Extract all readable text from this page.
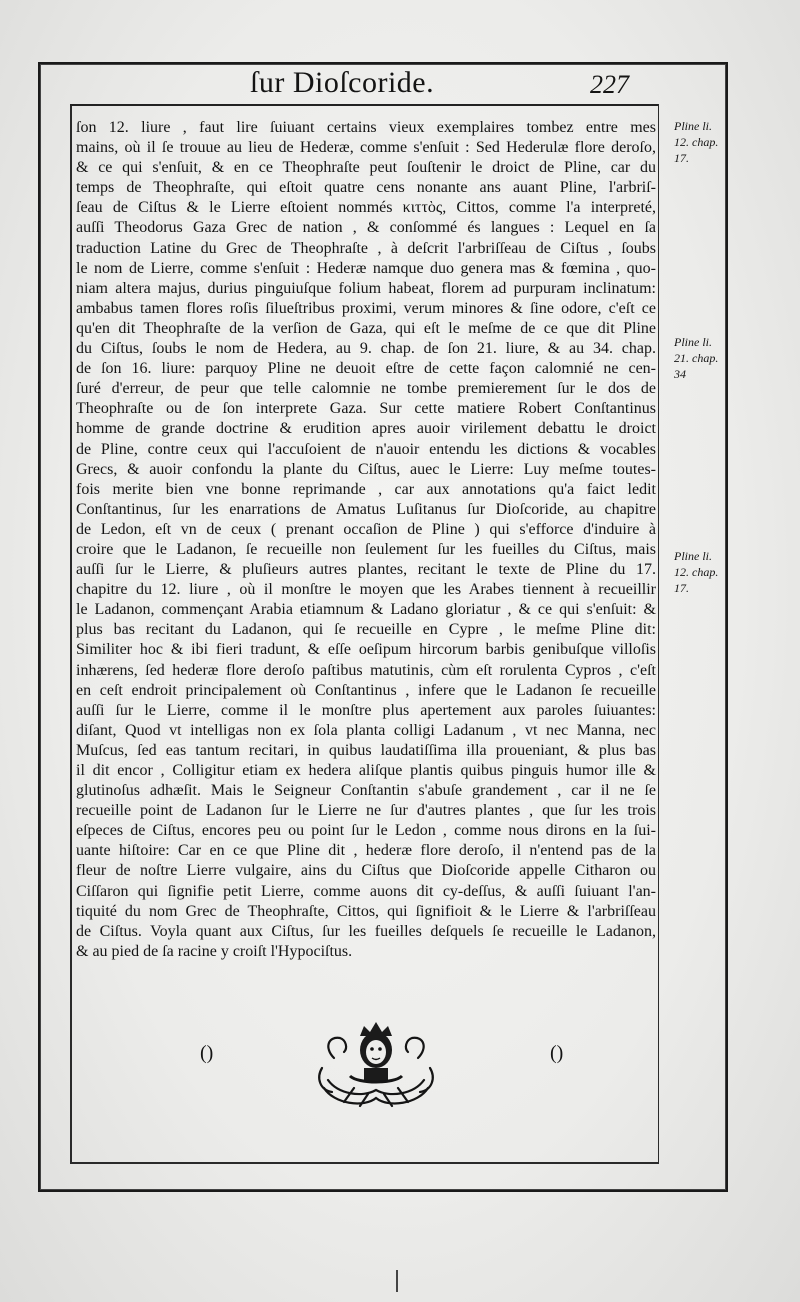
ſur Dioſcoride.	227
ſon 12. liure , faut lire ſuiuant certains vieux exemplaires tombez entre mes
mains, où il ſe trouue au lieu de Hederæ, comme s'enſuit : Sed Hederulæ flore deroſo,
& ce qui s'enſuit, & en ce Theophraſte peut ſouſtenir le droict de Pline, car du
temps de Theophraſte, qui eſtoit quatre cens nonante ans auant Pline, l'arbriſ-
ſeau de Ciſtus & le Lierre eſtoient nommés κιττὸς, Cittos, comme l'a interpreté,
auſſi Theodorus Gaza Grec de nation , & conſommé és langues : Lequel en ſa
traduction Latine du Grec de Theophraſte , à deſcrit l'arbriſſeau de Ciſtus , ſoubs
le nom de Lierre, comme s'enſuit : Hederæ namque duo genera mas & fœmina , quo-
niam altera majus, durius pinguiuſque folium habeat, florem ad purpuram inclinatum:
ambabus tamen flores roſis ſilueſtribus proximi, verum minores & ſine odore, c'eſt ce
qu'en dit Theophraſte de la verſion de Gaza, qui eſt le meſme de ce que dit Pline
du Ciſtus, ſoubs le nom de Hedera, au 9. chap. de ſon 21. liure, & au 34. chap.
de ſon 16. liure: parquoy Pline ne deuoit eſtre de cette façon calomnié ne cen-
ſuré d'erreur, de peur que telle calomnie ne tombe premierement ſur le dos de
Theophraſte ou de ſon interprete Gaza. Sur cette matiere Robert Conſtantinus
homme de grande doctrine & erudition apres auoir virilement debattu le droict
de Pline, contre ceux qui l'accuſoient de n'auoir entendu les dictions & vocables
Grecs, & auoir confondu la plante du Ciſtus, auec le Lierre: Luy meſme toutes-
fois merite bien vne bonne reprimande , car aux annotations qu'a faict ledit
Conſtantinus, ſur les enarrations de Amatus Luſitanus ſur Dioſcoride, au chapitre
de Ledon, eſt vn de ceux ( prenant occaſion de Pline ) qui s'efforce d'induire à
croire que le Ladanon, ſe recueille non ſeulement ſur les fueilles du Ciſtus, mais
auſſi ſur le Lierre, & pluſieurs autres plantes, recitant le texte de Pline du 17.
chapitre du 12. liure , où il monſtre le moyen que les Arabes tiennent à recueillir
le Ladanon, commençant Arabia etiamnum & Ladano gloriatur , & ce qui s'enſuit: &
plus bas recitant du Ladanon, qui ſe recueille en Cypre , le meſme Pline dit:
Similiter hoc & ibi fieri tradunt, & eſſe oeſipum hircorum barbis genibuſque villoſis
inhærens, ſed hederæ flore deroſo paſtibus matutinis, cùm eſt rorulenta Cypros , c'eſt
en ceſt endroit principalement où Conſtantinus , infere que le Ladanon ſe recueille
auſſi ſur le Lierre, comme il le monſtre plus apertement aux paroles ſuiuantes:
diſant, Quod vt intelligas non ex ſola planta colligi Ladanum , vt nec Manna, nec
Muſcus, ſed eas tantum recitari, in quibus laudatiſſima illa proueniant, & plus bas
il dit encor , Colligitur etiam ex hedera aliſque plantis quibus pinguis humor ille &
glutinoſus adhæſit. Mais le Seigneur Conſtantin s'abuſe grandement , car il ne ſe
recueille point de Ladanon ſur le Lierre ne ſur d'autres plantes , que ſur les trois
eſpeces de Ciſtus, encores peu ou point ſur le Ledon , comme nous dirons en la ſui-
uante hiſtoire: Car en ce que Pline dit , hederæ flore deroſo, il n'entend pas de la
fleur de noſtre Lierre vulgaire, ains du Ciſtus que Dioſcoride appelle Citharon ou
Ciſſaron qui ſignifie petit Lierre, comme auons dit cy-deſſus, & auſſi ſuiuant l'an-
tiquité du nom Grec de Theophraſte, Cittos, qui ſignifioit & le Lierre & l'arbriſſeau
de Ciſtus. Voyla quant aux Ciſtus, ſur les fueilles deſquels ſe recueille le Ladanon,
& au pied de ſa racine y croiſt l'Hypociſtus.
Pline li.
12. chap.
17.
Pline li.
21. chap.
34
Pline li.
12. chap.
17.
()	()
